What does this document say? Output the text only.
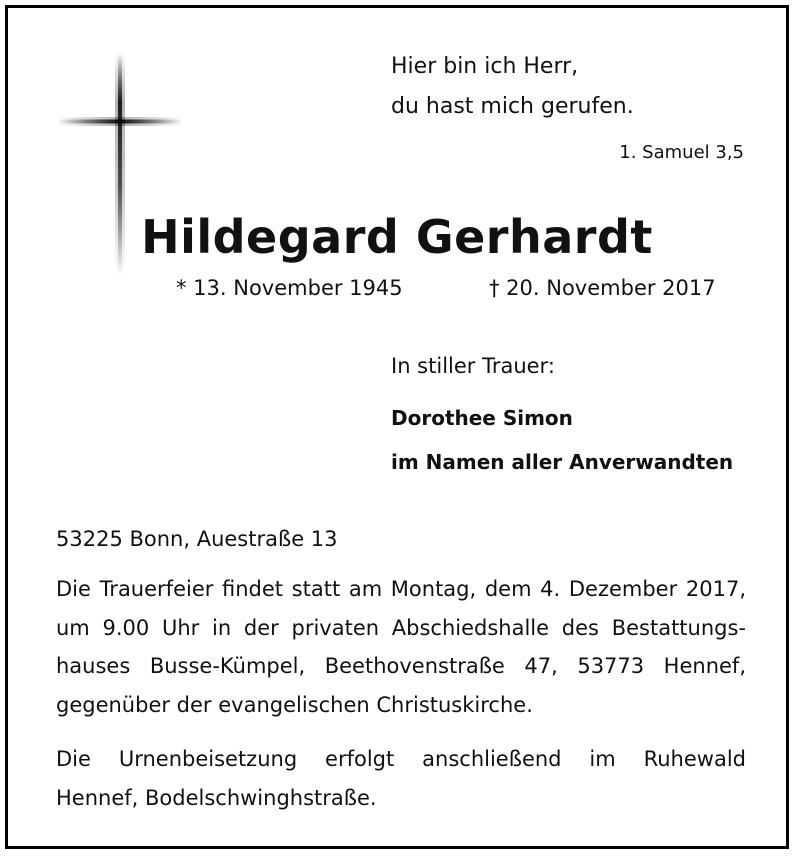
Hier bin ich Herr,
du hast mich gerufen.
1. Samuel 3,5
Hildegard Gerhardt
* 13. November 1945	† 20. November 2017
In stiller Trauer:
Dorothee Simon
im Namen aller Anverwandten
53225 Bonn, Auestraße 13
Die Trauerfeier findet statt am Montag, dem 4. Dezember 2017,
um 9.00 Uhr in der privaten Abschiedshalle des Bestattungs-
hauses Busse-Kümpel, Beethovenstraße 47, 53773 Hennef,
gegenüber der evangelischen Christuskirche.
Die Urnenbeisetzung erfolgt anschließend im Ruhewald
Hennef, Bodelschwinghstraße.
